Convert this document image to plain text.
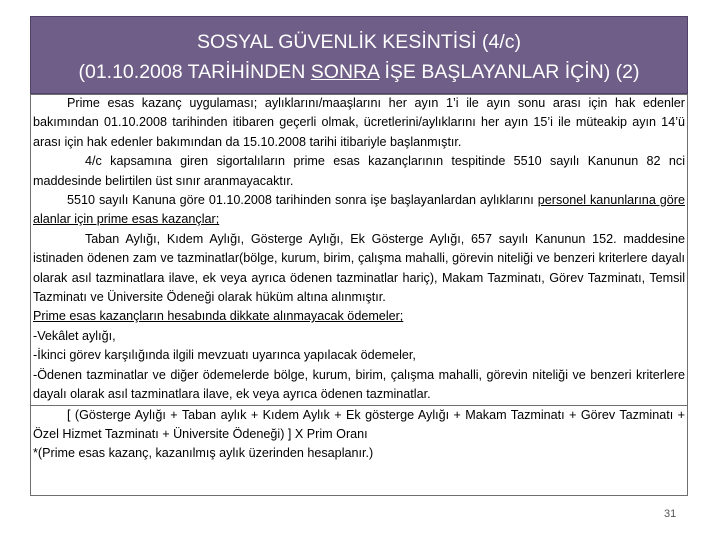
SOSYAL GÜVENLİK KESİNTİSİ (4/c)
(01.10.2008 TARİHİNDEN SONRA İŞE BAŞLAYANLAR İÇİN) (2)

Prime esas kazanç uygulaması; aylıklarını/maaşlarını her ayın 1’i ile ayın sonu arası için hak edenler bakımından 01.10.2008 tarihinden itibaren geçerli olmak, ücretlerini/aylıklarını her ayın 15’i ile müteakip ayın 14’ü arası için hak edenler bakımından da 15.10.2008 tarihi itibariyle başlanmıştır.

4/c kapsamına giren sigortalıların prime esas kazançlarının tespitinde 5510 sayılı Kanunun 82 nci maddesinde belirtilen üst sınır aranmayacaktır.

5510 sayılı Kanuna göre 01.10.2008 tarihinden sonra işe başlayanlardan aylıklarını personel kanunlarına göre alanlar için prime esas kazançlar;

Taban Aylığı, Kıdem Aylığı, Gösterge Aylığı, Ek Gösterge Aylığı, 657 sayılı Kanunun 152. maddesine istinaden ödenen zam ve tazminatlar(bölge, kurum, birim, çalışma mahalli, görevin niteliği ve benzeri kriterlere dayalı olarak asıl tazminatlara ilave, ek veya ayrıca ödenen tazminatlar hariç), Makam Tazminatı, Görev Tazminatı, Temsil Tazminatı ve Üniversite Ödeneği olarak hüküm altına alınmıştır.

Prime esas kazançların hesabında dikkate alınmayacak ödemeler;

-Vekâlet aylığı,

-İkinci görev karşılığında ilgili mevzuatı uyarınca yapılacak ödemeler,

-Ödenen tazminatlar ve diğer ödemelerde bölge, kurum, birim, çalışma mahalli, görevin niteliği ve benzeri kriterlere dayalı olarak asıl tazminatlara ilave, ek veya ayrıca ödenen tazminatlar.

[ (Gösterge Aylığı + Taban aylık + Kıdem Aylık + Ek gösterge Aylığı + Makam Tazminatı + Görev Tazminatı + Özel Hizmet Tazminatı + Üniversite Ödeneği) ] X Prim Oranı

*(Prime esas kazanç, kazanılmış aylık üzerinden hesaplanır.)

31
